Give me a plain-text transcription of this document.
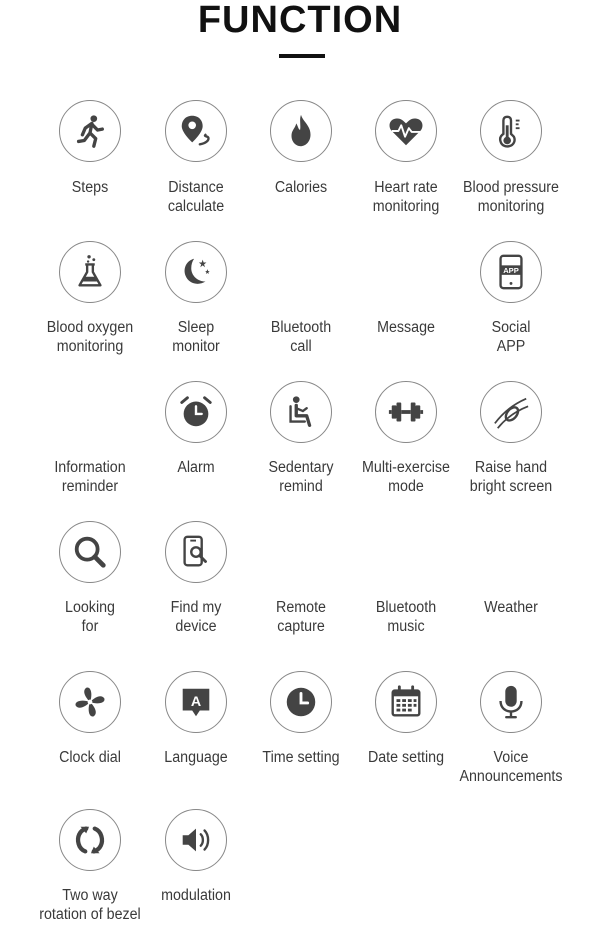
FUNCTION
Steps	Distance
calculate
Calories	Heart rate
monitoring
Blood pressure
monitoring
Blood oxygen
monitoring
Sleep
monitor
Bluetooth
call
Message
APP
Social
APP
Information
reminder
Alarm	Sedentary
remind
Multi-exercise
mode
Raise hand
bright screen
Looking
for
Find my
device
Remote
capture
Bluetooth
music
Weather
Clock dial
A
Language	Time setting	Date setting	Voice
Announcements
Two way
rotation of bezel
modulation
